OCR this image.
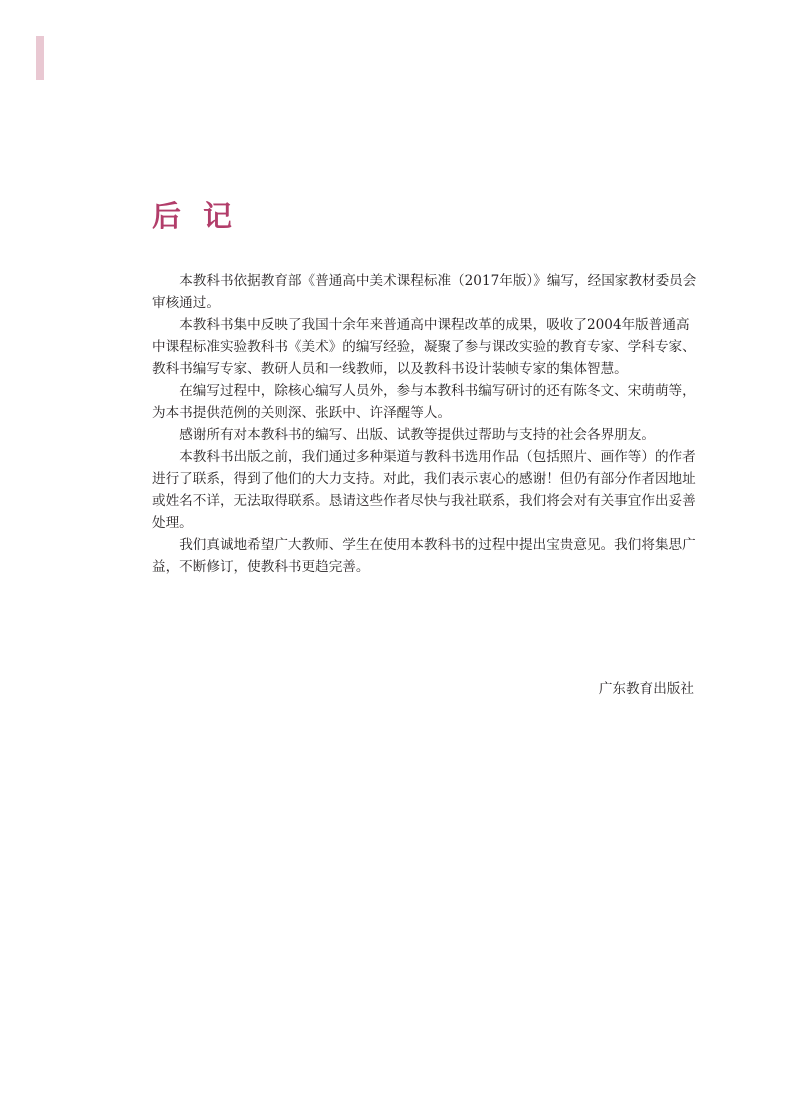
后记

本教科书依据教育部《普通高中美术课程标准（2017年版）》编写，经国家教材委员会审核通过。

本教科书集中反映了我国十余年来普通高中课程改革的成果，吸收了2004年版普通高中课程标准实验教科书《美术》的编写经验，凝聚了参与课改实验的教育专家、学科专家、教科书编写专家、教研人员和一线教师，以及教科书设计装帧专家的集体智慧。

在编写过程中，除核心编写人员外，参与本教科书编写研讨的还有陈冬文、宋萌萌等，为本书提供范例的关则深、张跃中、许泽醒等人。

感谢所有对本教科书的编写、出版、试教等提供过帮助与支持的社会各界朋友。

本教科书出版之前，我们通过多种渠道与教科书选用作品（包括照片、画作等）的作者进行了联系，得到了他们的大力支持。对此，我们表示衷心的感谢！但仍有部分作者因地址或姓名不详，无法取得联系。恳请这些作者尽快与我社联系，我们将会对有关事宜作出妥善处理。

我们真诚地希望广大教师、学生在使用本教科书的过程中提出宝贵意见。我们将集思广益，不断修订，使教科书更趋完善。

广东教育出版社
